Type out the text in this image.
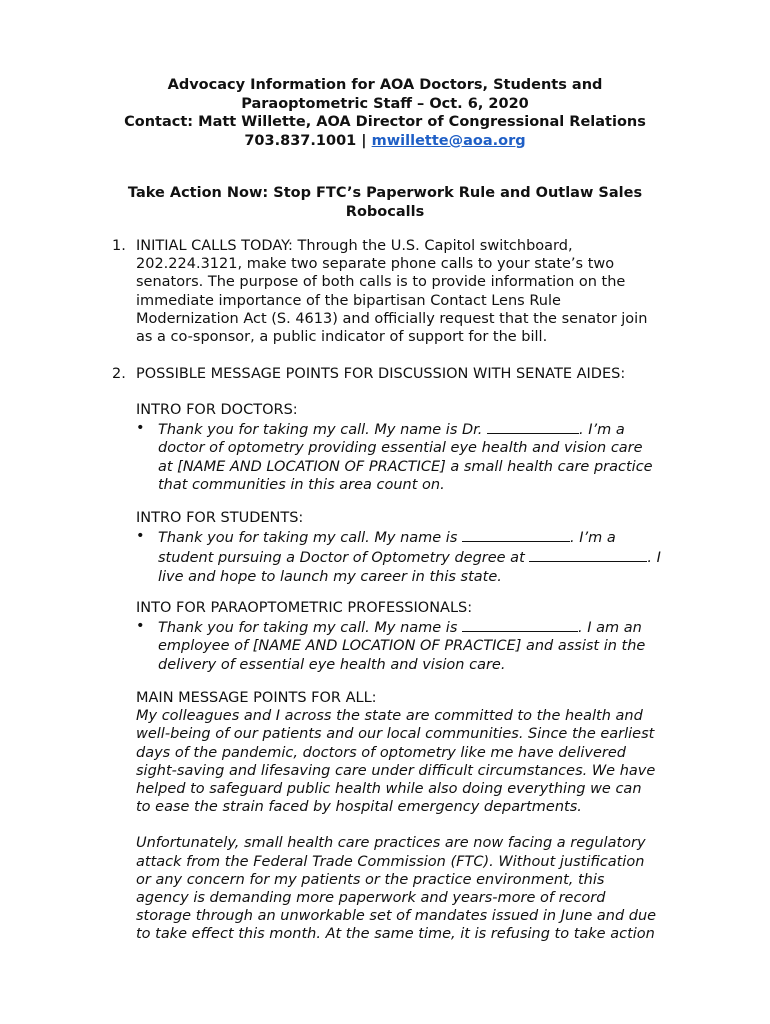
Advocacy Information for AOA Doctors, Students and
Paraoptometric Staff – Oct. 6, 2020
Contact: Matt Willette, AOA Director of Congressional Relations
703.837.1001 | mwillette@aoa.org
Take Action Now: Stop FTC’s Paperwork Rule and Outlaw Sales
Robocalls
1. INITIAL CALLS TODAY: Through the U.S. Capitol switchboard,
202.224.3121, make two separate phone calls to your state’s two
senators. The purpose of both calls is to provide information on the
immediate importance of the bipartisan Contact Lens Rule
Modernization Act (S. 4613) and officially request that the senator join
as a co-sponsor, a public indicator of support for the bill.
2. POSSIBLE MESSAGE POINTS FOR DISCUSSION WITH SENATE AIDES:
INTRO FOR DOCTORS:
• Thank you for taking my call. My name is Dr.	. I’m a
doctor of optometry providing essential eye health and vision care
at [NAME AND LOCATION OF PRACTICE] a small health care practice
that communities in this area count on.
INTRO FOR STUDENTS:
• Thank you for taking my call. My name is	. I’m a
student pursuing a Doctor of Optometry degree at	. I
live and hope to launch my career in this state.
INTO FOR PARAOPTOMETRIC PROFESSIONALS:
• Thank you for taking my call. My name is	. I am an
employee of [NAME AND LOCATION OF PRACTICE] and assist in the
delivery of essential eye health and vision care.
MAIN MESSAGE POINTS FOR ALL:
My colleagues and I across the state are committed to the health and
well-being of our patients and our local communities. Since the earliest
days of the pandemic, doctors of optometry like me have delivered
sight-saving and lifesaving care under difficult circumstances. We have
helped to safeguard public health while also doing everything we can
to ease the strain faced by hospital emergency departments.
Unfortunately, small health care practices are now facing a regulatory
attack from the Federal Trade Commission (FTC). Without justification
or any concern for my patients or the practice environment, this
agency is demanding more paperwork and years-more of record
storage through an unworkable set of mandates issued in June and due
to take effect this month. At the same time, it is refusing to take action
